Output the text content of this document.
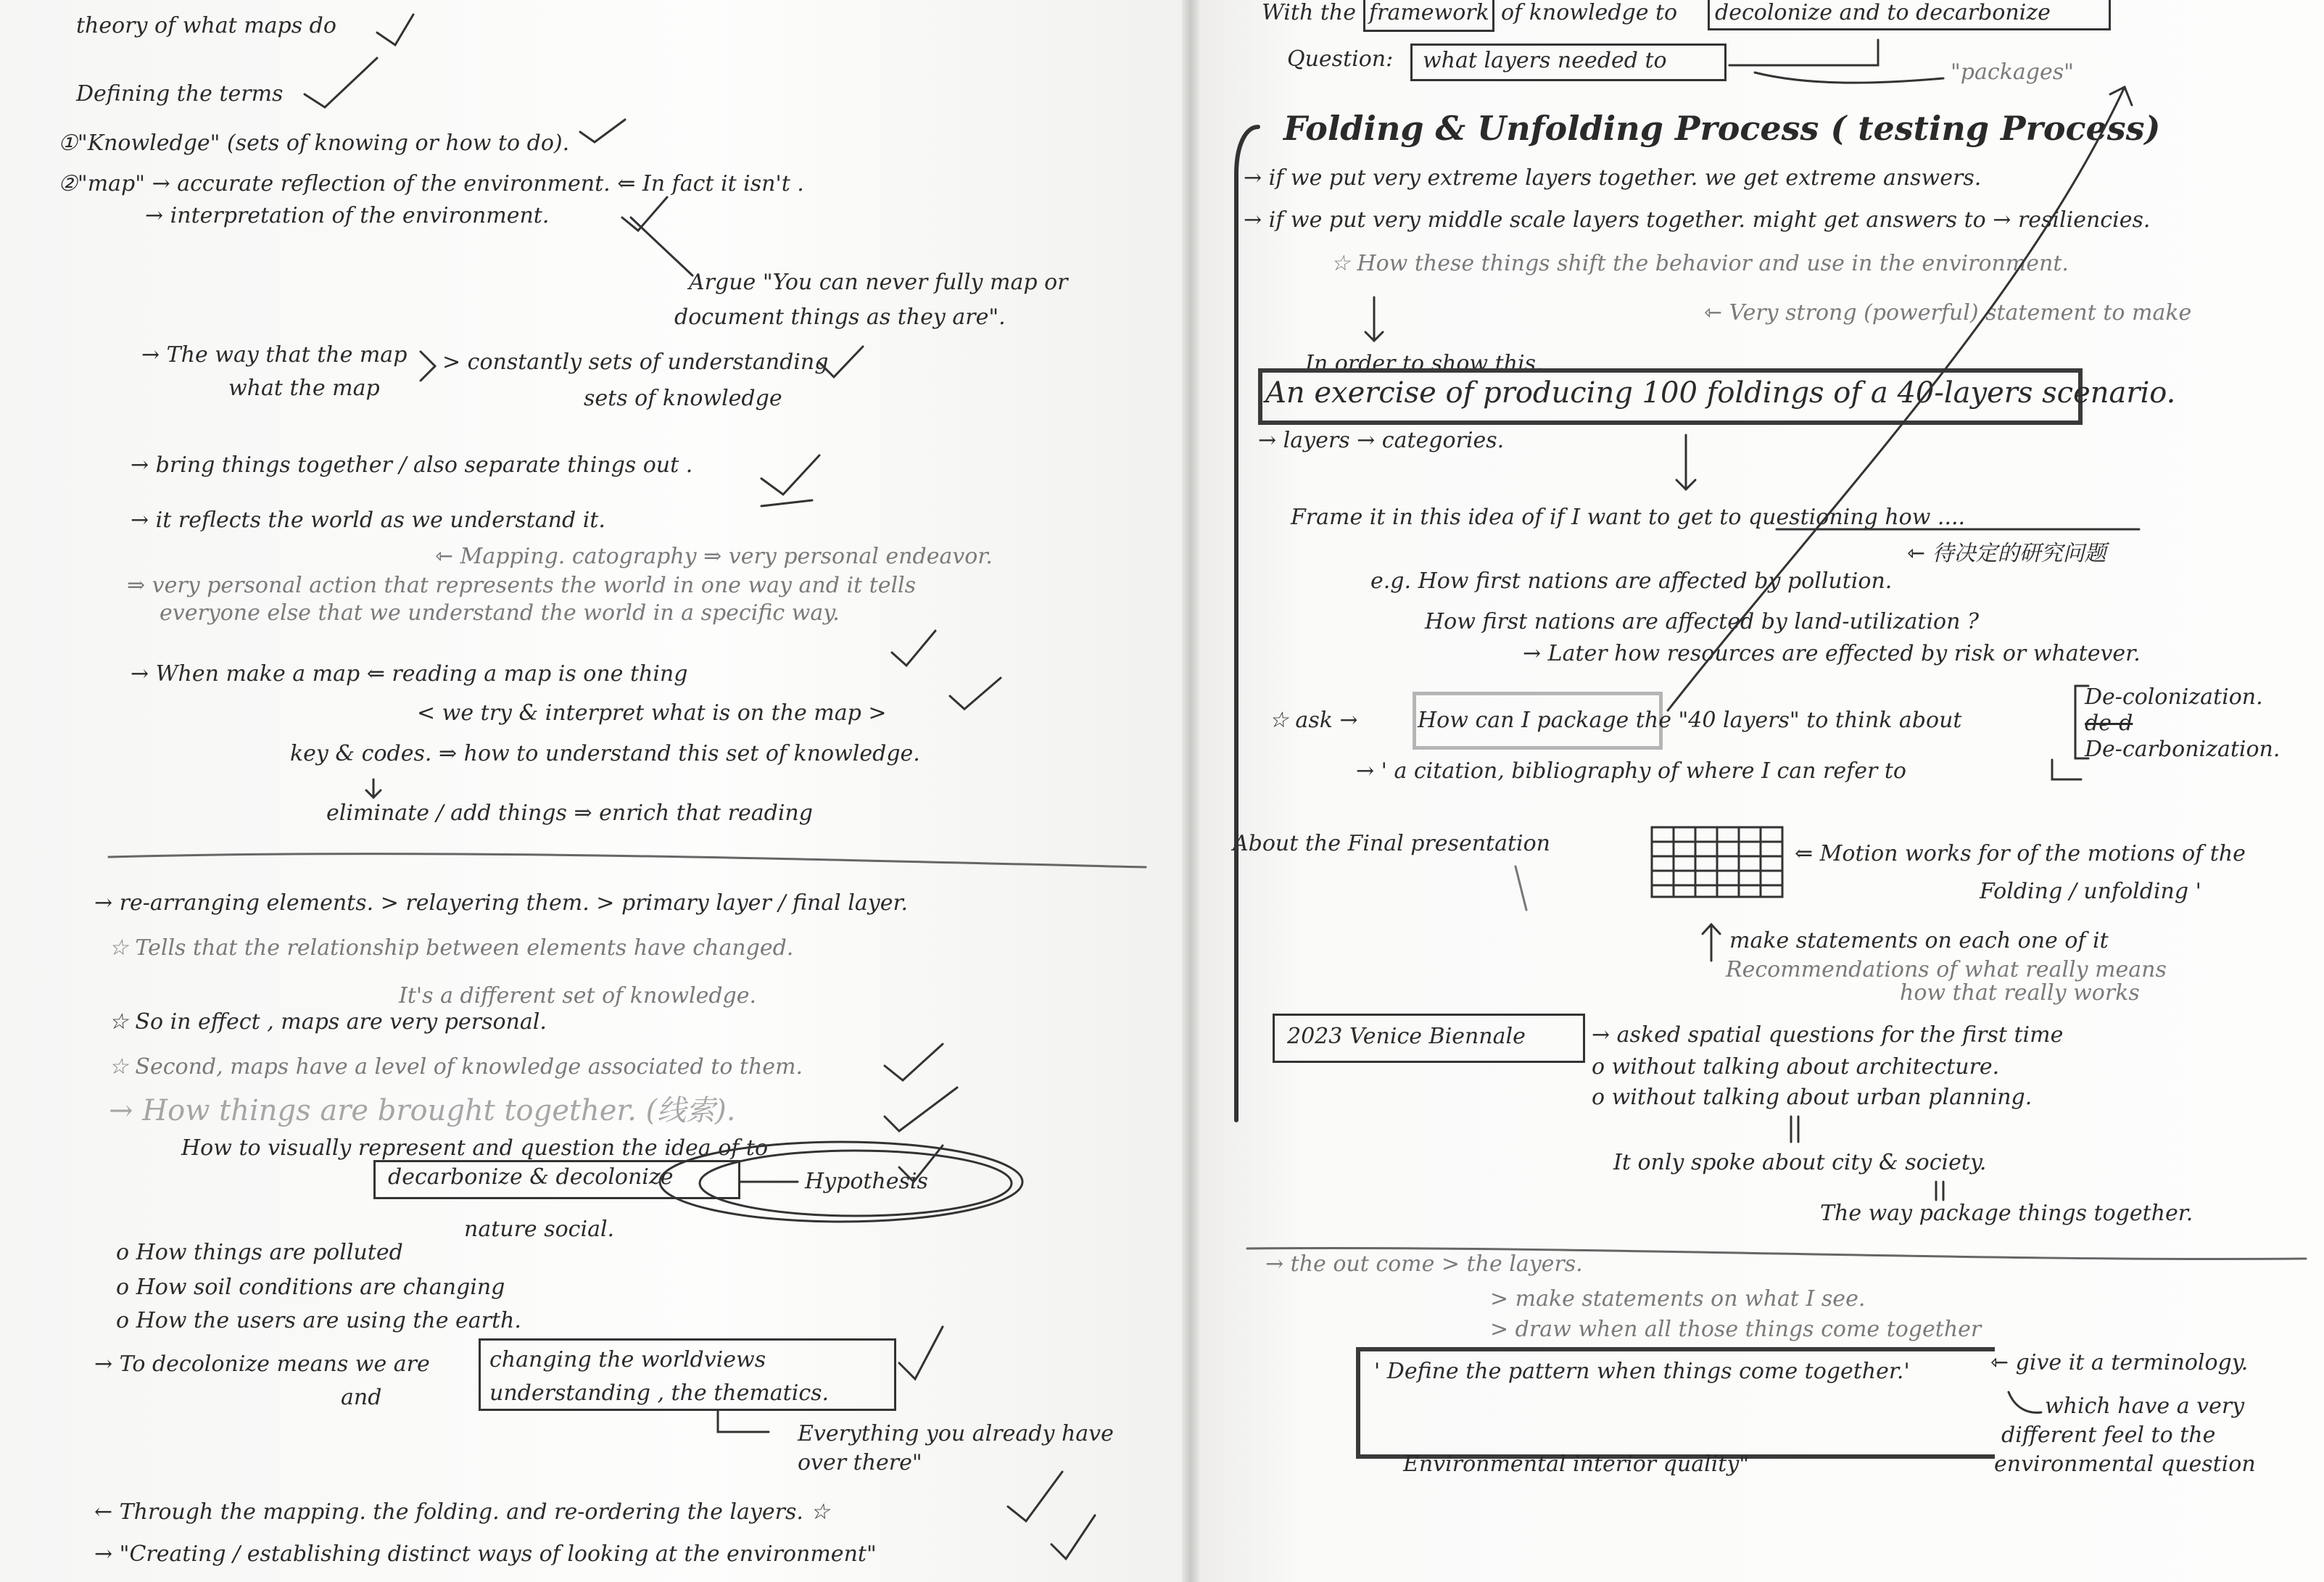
theory of what maps do
Defining the terms
①"Knowledge" (sets of knowing or how to do).
②"map" → accurate reflection of the environment. ⇐ In fact it isn't .
→ interpretation of the environment.
Argue "You can never fully map or
document things as they are".
→ The way that the map
what the map
> constantly sets of understanding
sets of knowledge
→ bring things together / also separate things out .
→ it reflects the world as we understand it.
⇽ Mapping. catography ⇒ very personal endeavor.
⇒ very personal action that represents the world in one way and it tells
everyone else that we understand the world in a specific way.
→ When make a map ⇐ reading a map is one thing
< we try & interpret what is on the map >
key & codes. ⇒ how to understand this set of knowledge.
eliminate / add things ⇒ enrich that reading
→ re-arranging elements. > relayering them. > primary layer / final layer.
☆ Tells that the relationship between elements have changed.
It's a different set of knowledge.
☆ So in effect , maps are very personal.
☆ Second, maps have a level of knowledge associated to them.
→ How things are brought together. (线索).
How to visually represent and question the idea of to
decarbonize & decolonize	Hypothesis
nature social.
o How things are polluted
o How soil conditions are changing
o How the users are using the earth.
→ To decolonize means we are	changing the worldviews
and	understanding , the thematics.
Everything you already have
over there"
← Through the mapping. the folding. and re-ordering the layers. ☆
→ "Creating / establishing distinct ways of looking at the environment"
With the framework of knowledge to decolonize and to decarbonize
Question: what layers needed to	"packages"
Folding & Unfolding Process ( testing Process)
→ if we put very extreme layers together. we get extreme answers.
→ if we put very middle scale layers together. might get answers to → resiliencies.
☆ How these things shift the behavior and use in the environment.
⇽ Very strong (powerful) statement to make
In order to show this.
An exercise of producing 100 foldings of a 40-layers scenario.
→ layers → categories.
Frame it in this idea of if I want to get to questioning how ....
⇽ 待决定的研究问题
e.g. How first nations are affected by pollution.
How first nations are affected by land-utilization ?
→ Later how resources are effected by risk or whatever.
☆ ask →	How can I package the "40 layers" to think about
De-colonization.
de-d
De-carbonization.
→ ' a citation, bibliography of where I can refer to
About the Final presentation	⇐ Motion works for of the motions of the
Folding / unfolding '
make statements on each one of it
Recommendations of what really means
how that really works
2023 Venice Biennale	→ asked spatial questions for the first time
o without talking about architecture.
o without talking about urban planning.
It only spoke about city & society.
The way package things together.
→ the out come > the layers.
> make statements on what I see.
> draw when all those things come together
' Define the pattern when things come together.'	⇽ give it a terminology.
which have a very
different feel to the
environmental question
Environmental interior quality"
